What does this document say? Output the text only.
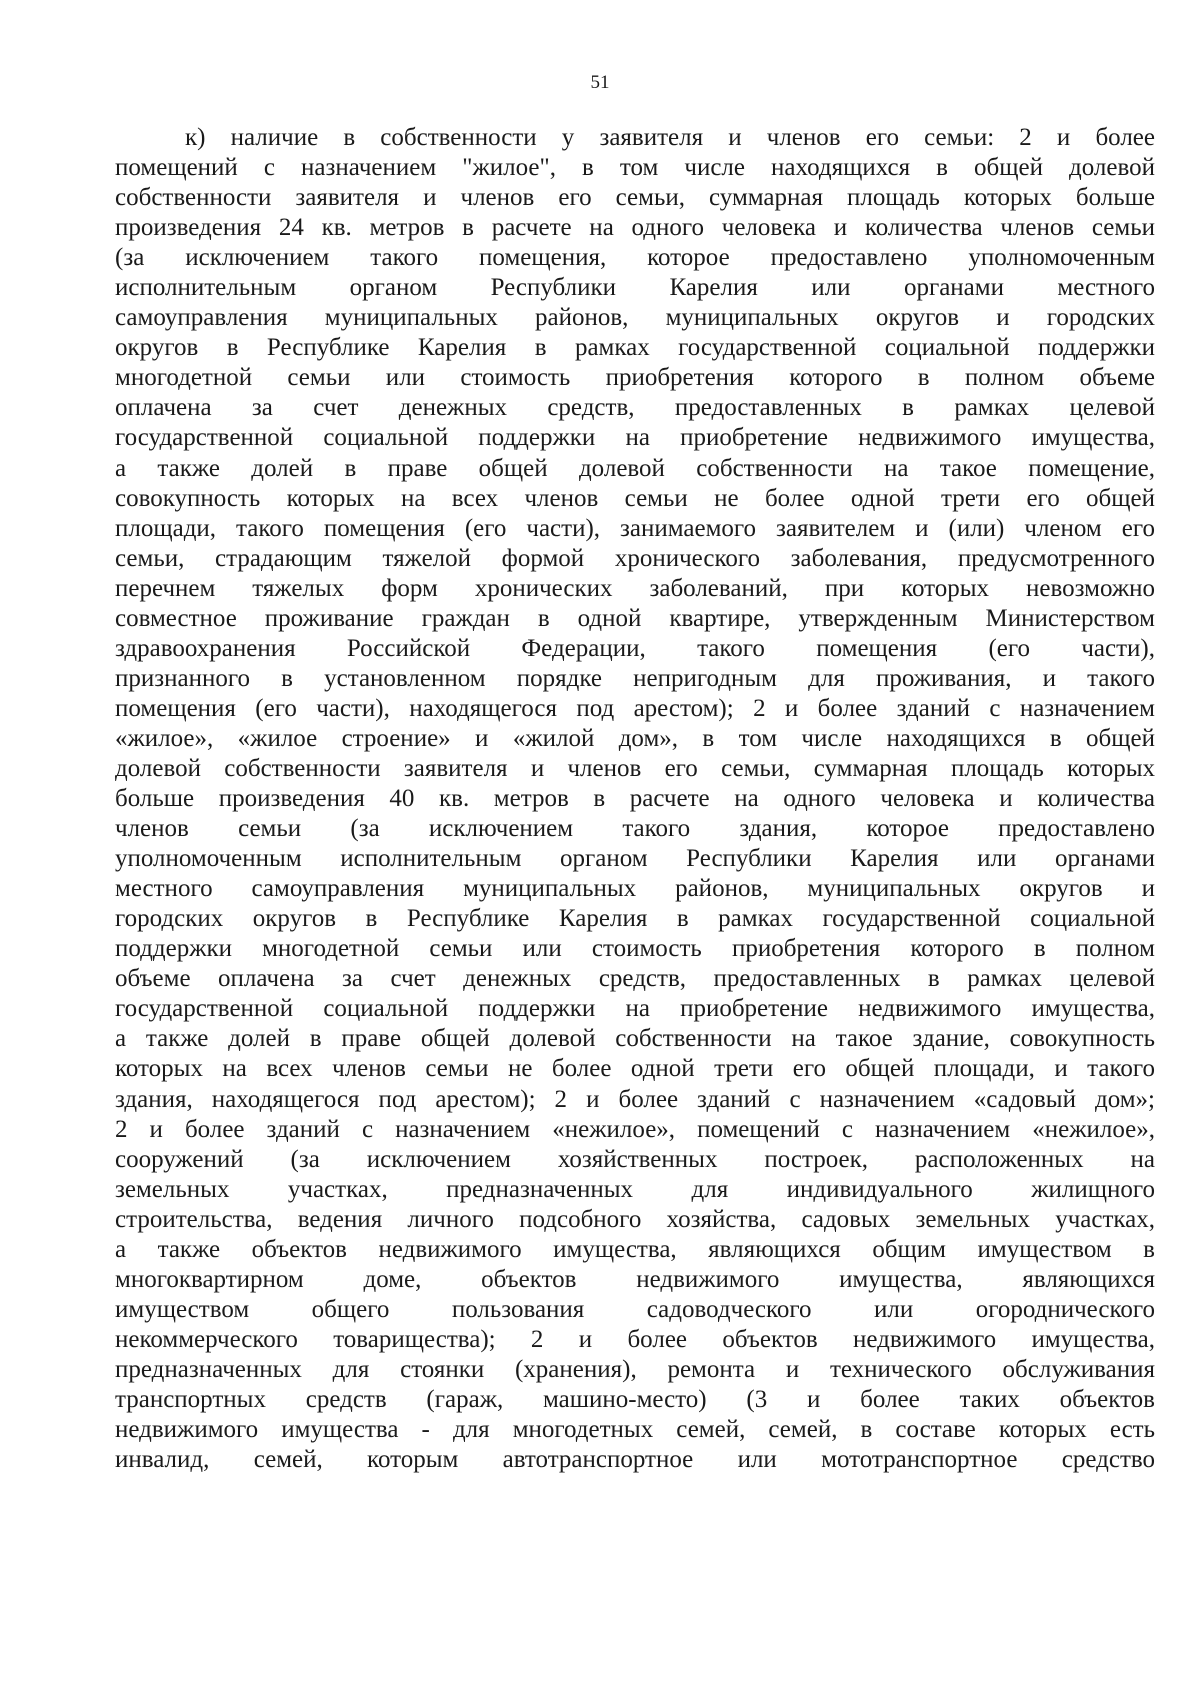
51
к) наличие в собственности у заявителя и членов его семьи: 2 и более
помещений с назначением "жилое", в том числе находящихся в общей долевой
собственности заявителя и членов его семьи, суммарная площадь которых больше
произведения 24 кв. метров в расчете на одного человека и количества членов семьи
(за исключением такого помещения, которое предоставлено уполномоченным
исполнительным органом Республики Карелия или органами местного
самоуправления муниципальных районов, муниципальных округов и городских
округов в Республике Карелия в рамках государственной социальной поддержки
многодетной семьи или стоимость приобретения которого в полном объеме
оплачена за счет денежных средств, предоставленных в рамках целевой
государственной социальной поддержки на приобретение недвижимого имущества,
а также долей в праве общей долевой собственности на такое помещение,
совокупность которых на всех членов семьи не более одной трети его общей
площади, такого помещения (его части), занимаемого заявителем и (или) членом его
семьи, страдающим тяжелой формой хронического заболевания, предусмотренного
перечнем тяжелых форм хронических заболеваний, при которых невозможно
совместное проживание граждан в одной квартире, утвержденным Министерством
здравоохранения Российской Федерации, такого помещения (его части),
признанного в установленном порядке непригодным для проживания, и такого
помещения (его части), находящегося под арестом); 2 и более зданий с назначением
«жилое», «жилое строение» и «жилой дом», в том числе находящихся в общей
долевой собственности заявителя и членов его семьи, суммарная площадь которых
больше произведения 40 кв. метров в расчете на одного человека и количества
членов семьи (за исключением такого здания, которое предоставлено
уполномоченным исполнительным органом Республики Карелия или органами
местного самоуправления муниципальных районов, муниципальных округов и
городских округов в Республике Карелия в рамках государственной социальной
поддержки многодетной семьи или стоимость приобретения которого в полном
объеме оплачена за счет денежных средств, предоставленных в рамках целевой
государственной социальной поддержки на приобретение недвижимого имущества,
а также долей в праве общей долевой собственности на такое здание, совокупность
которых на всех членов семьи не более одной трети его общей площади, и такого
здания, находящегося под арестом); 2 и более зданий с назначением «садовый дом»;
2 и более зданий с назначением «нежилое», помещений с назначением «нежилое»,
сооружений (за исключением хозяйственных построек, расположенных на
земельных участках, предназначенных для индивидуального жилищного
строительства, ведения личного подсобного хозяйства, садовых земельных участках,
а также объектов недвижимого имущества, являющихся общим имуществом в
многоквартирном доме, объектов недвижимого имущества, являющихся
имуществом общего пользования садоводческого или огороднического
некоммерческого товарищества); 2 и более объектов недвижимого имущества,
предназначенных для стоянки (хранения), ремонта и технического обслуживания
транспортных средств (гараж, машино-место) (3 и более таких объектов
недвижимого имущества - для многодетных семей, семей, в составе которых есть
инвалид, семей, которым автотранспортное или мототранспортное средство
